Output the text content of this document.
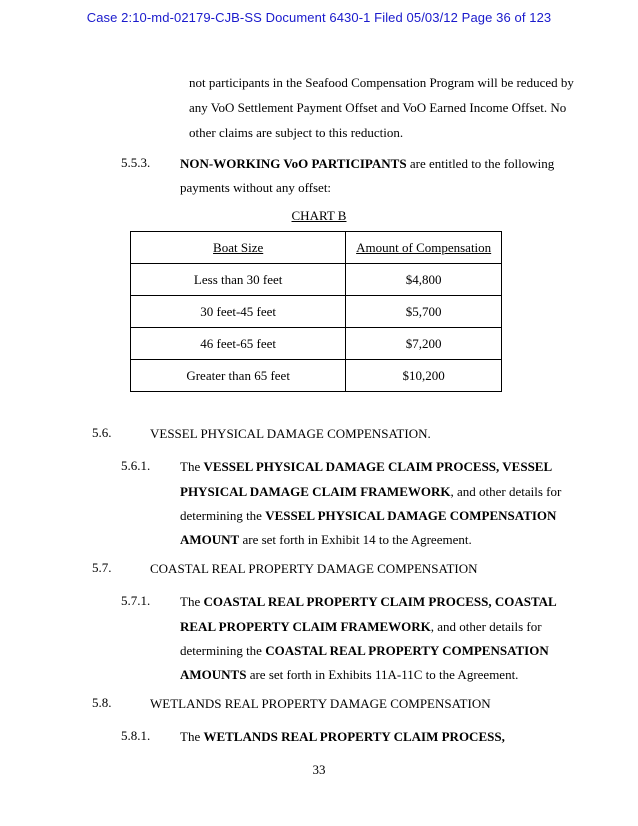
Case 2:10-md-02179-CJB-SS Document 6430-1 Filed 05/03/12 Page 36 of 123
not participants in the Seafood Compensation Program will be reduced by
any VoO Settlement Payment Offset and VoO Earned Income Offset. No
other claims are subject to this reduction.
5.5.3. NON-WORKING VoO PARTICIPANTS are entitled to the following
payments without any offset:
CHART B
Boat Size	Amount of Compensation
Less than 30 feet	$4,800
30 feet-45 feet	$5,700
46 feet-65 feet	$7,200
Greater than 65 feet	$10,200
5.6.	VESSEL PHYSICAL DAMAGE COMPENSATION.
5.6.1. The VESSEL PHYSICAL DAMAGE CLAIM PROCESS, VESSEL
PHYSICAL DAMAGE CLAIM FRAMEWORK, and other details for
determining the VESSEL PHYSICAL DAMAGE COMPENSATION
AMOUNT are set forth in Exhibit 14 to the Agreement.
5.7.	COASTAL REAL PROPERTY DAMAGE COMPENSATION
5.7.1. The COASTAL REAL PROPERTY CLAIM PROCESS, COASTAL
REAL PROPERTY CLAIM FRAMEWORK, and other details for
determining the COASTAL REAL PROPERTY COMPENSATION
AMOUNTS are set forth in Exhibits 11A-11C to the Agreement.
5.8.	WETLANDS REAL PROPERTY DAMAGE COMPENSATION
5.8.1. The WETLANDS REAL PROPERTY CLAIM PROCESS,
33
